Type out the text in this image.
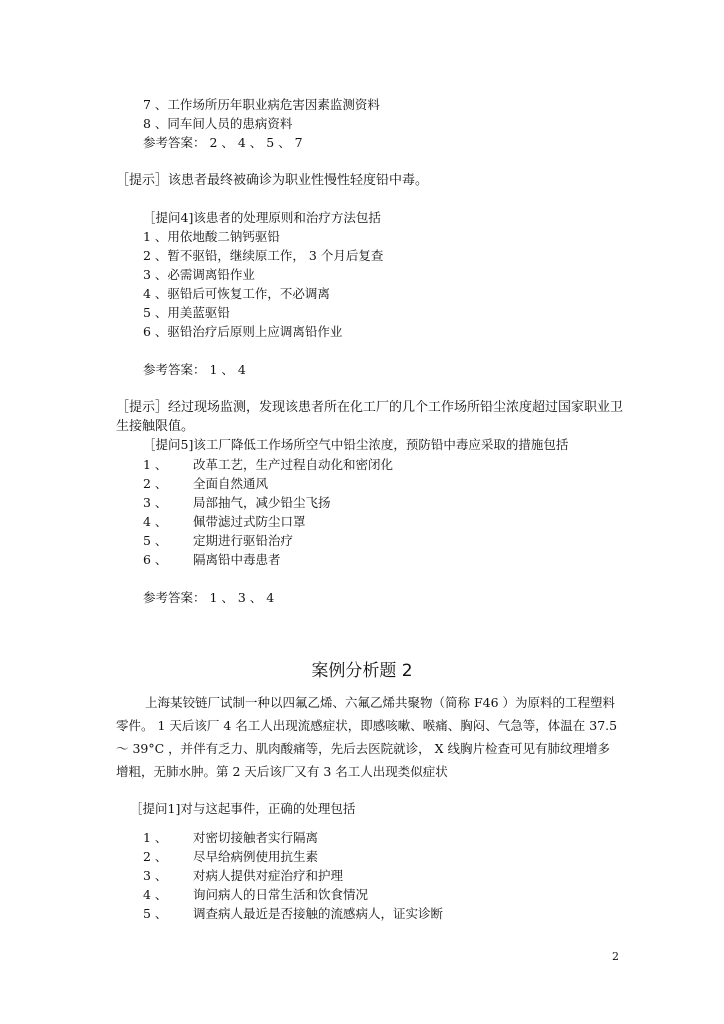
7 、工作场所历年职业病危害因素监测资料
8 、同车间人员的患病资料
参考答案： 2 、 4 、 5 、 7
［提示］该患者最终被确诊为职业性慢性轻度铅中毒。
［提问4]该患者的处理原则和治疗方法包括
1 、用依地酸二钠钙驱铅
2 、暂不驱铅，继续原工作， 3 个月后复查
3 、必需调离铅作业
4 、驱铅后可恢复工作，不必调离
5 、用美蓝驱铅
6 、驱铅治疗后原则上应调离铅作业
参考答案： 1 、 4
［提示］经过现场监测，发现该患者所在化工厂的几个工作场所铅尘浓度超过国家职业卫
生接触限值。
［提问5]该工厂降低工作场所空气中铅尘浓度，预防铅中毒应采取的措施包括
1 、	改革工艺，生产过程自动化和密闭化
2 、	全面自然通风
3 、	局部抽气，减少铅尘飞扬
4 、	佩带滤过式防尘口罩
5 、	定期进行驱铅治疗
6 、	隔离铅中毒患者
参考答案： 1 、 3 、 4
案例分析题 2
上海某铰链厂试制一种以四氟乙烯、六氟乙烯共聚物（简称 F46 ）为原料的工程塑料
零件。 1 天后该厂 4 名工人出现流感症状，即感咳嗽、喉痛、胸闷、气急等，体温在 37.5
～ 39°C ，并伴有乏力、肌肉酸痛等，先后去医院就诊， X 线胸片检查可见有肺纹理增多
增粗，无肺水肿。第 2 天后该厂又有 3 名工人出现类似症状
［提问1]对与这起事件，正确的处理包括
1 、	对密切接触者实行隔离
2 、	尽早给病例使用抗生素
3 、	对病人提供对症治疗和护理
4 、	询问病人的日常生活和饮食情况
5 、	调查病人最近是否接触的流感病人，证实诊断
2
